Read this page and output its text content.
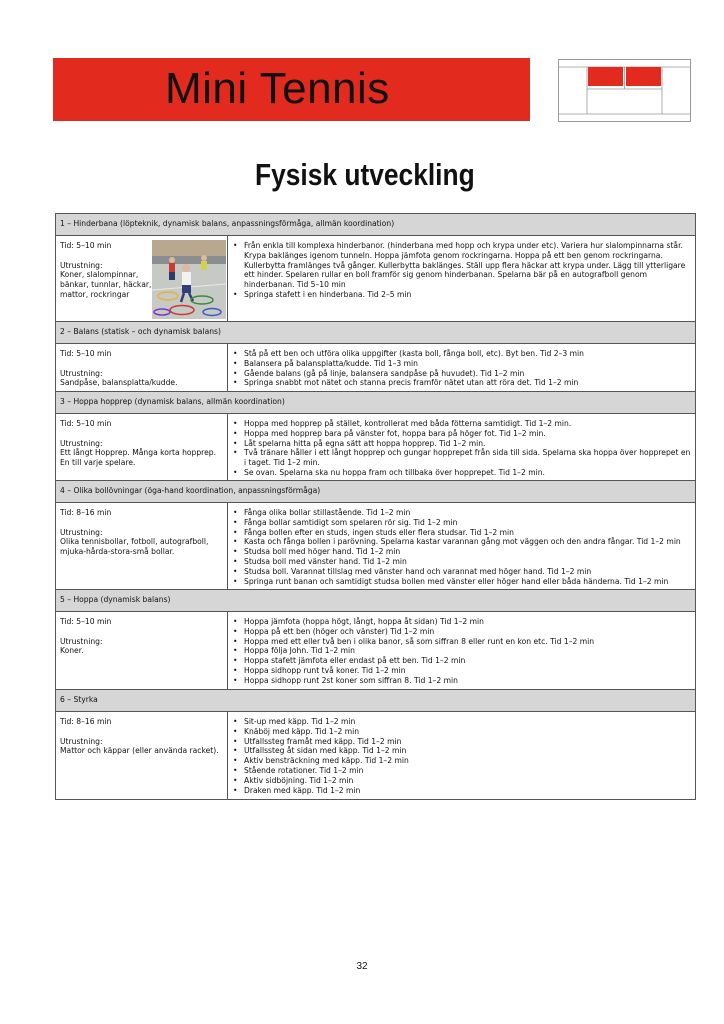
Mini Tennis
Fysisk utveckling
1 – Hinderbana (löpteknik, dynamisk balans, anpassningsförmåga, allmän koordination)
Tid: 5–10 min
Utrustning:
Koner, slalompinnar, bänkar, tunnlar, häckar, mattor, rockringar
• Från enkla till komplexa hinderbanor. (hinderbana med hopp och krypa under etc). Variera hur slalompinnarna står. Krypa baklänges igenom tunneln. Hoppa jämfota genom rockringarna. Hoppa på ett ben genom rockringarna. Kullerbytta framlänges två gånger. Kullerbytta baklänges. Ställ upp flera häckar att krypa under. Lägg till ytterligare ett hinder. Spelaren rullar en boll framför sig genom hinderbanan. Spelarna bär på en autografboll genom hinderbanan. Tid 5–10 min
• Springa stafett i en hinderbana. Tid 2–5 min
2 – Balans (statisk – och dynamisk balans)
Tid: 5–10 min
Utrustning:
Sandpåse, balansplatta/kudde.
• Stå på ett ben och utföra olika uppgifter (kasta boll, fånga boll, etc). Byt ben. Tid 2–3 min
• Balansera på balansplatta/kudde. Tid 1–3 min
• Gående balans (gå på linje, balansera sandpåse på huvudet). Tid 1–2 min
• Springa snabbt mot nätet och stanna precis framför nätet utan att röra det. Tid 1–2 min
3 – Hoppa hopprep (dynamisk balans, allmän koordination)
Tid: 5–10 min
Utrustning:
Ett långt Hopprep. Många korta hopprep. En till varje spelare.
• Hoppa med hopprep på stället, kontrollerat med båda fötterna samtidigt. Tid 1–2 min.
• Hoppa med hopprep bara på vänster fot, hoppa bara på höger fot. Tid 1–2 min.
• Låt spelarna hitta på egna sätt att hoppa hopprep. Tid 1–2 min.
• Två tränare håller i ett långt hopprep och gungar hopprepet från sida till sida. Spelarna ska hoppa över hopprepet en i taget. Tid 1–2 min.
• Se ovan. Spelarna ska nu hoppa fram och tillbaka över hopprepet. Tid 1–2 min.
4 – Olika bollövningar (öga-hand koordination, anpassningsförmåga)
Tid: 8–16 min
Utrustning:
Olika tennisbollar, fotboll, autografboll, mjuka-hårda-stora-små bollar.
• Fånga olika bollar stillastående. Tid 1–2 min
• Fånga bollar samtidigt som spelaren rör sig. Tid 1–2 min
• Fånga bollen efter en studs, ingen studs eller flera studsar. Tid 1–2 min
• Kasta och fånga bollen i parövning. Spelarna kastar varannan gång mot väggen och den andra fångar. Tid 1–2 min
• Studsa boll med höger hand. Tid 1–2 min
• Studsa boll med vänster hand. Tid 1–2 min
• Studsa boll. Varannat tillslag med vänster hand och varannat med höger hand. Tid 1–2 min
• Springa runt banan och samtidigt studsa bollen med vänster eller höger hand eller båda händerna. Tid 1–2 min
5 – Hoppa (dynamisk balans)
Tid: 5–10 min
Utrustning:
Koner.
• Hoppa jämfota (hoppa högt, långt, hoppa åt sidan) Tid 1–2 min
• Hoppa på ett ben (höger och vänster) Tid 1–2 min
• Hoppa med ett eller två ben i olika banor, så som siffran 8 eller runt en kon etc. Tid 1–2 min
• Hoppa följa John. Tid 1–2 min
• Hoppa stafett jämfota eller endast på ett ben. Tid 1–2 min
• Hoppa sidhopp runt två koner. Tid 1–2 min
• Hoppa sidhopp runt 2st koner som siffran 8. Tid 1–2 min
6 – Styrka
Tid: 8–16 min
Utrustning:
Mattor och käppar (eller använda racket).
• Sit-up med käpp. Tid 1–2 min
• Knäböj med käpp. Tid 1–2 min
• Utfallssteg framåt med käpp. Tid 1–2 min
• Utfallssteg åt sidan med käpp. Tid 1–2 min
• Aktiv bensträckning med käpp. Tid 1–2 min
• Stående rotationer. Tid 1–2 min
• Aktiv sidböjning. Tid 1–2 min
• Draken med käpp. Tid 1–2 min
32
